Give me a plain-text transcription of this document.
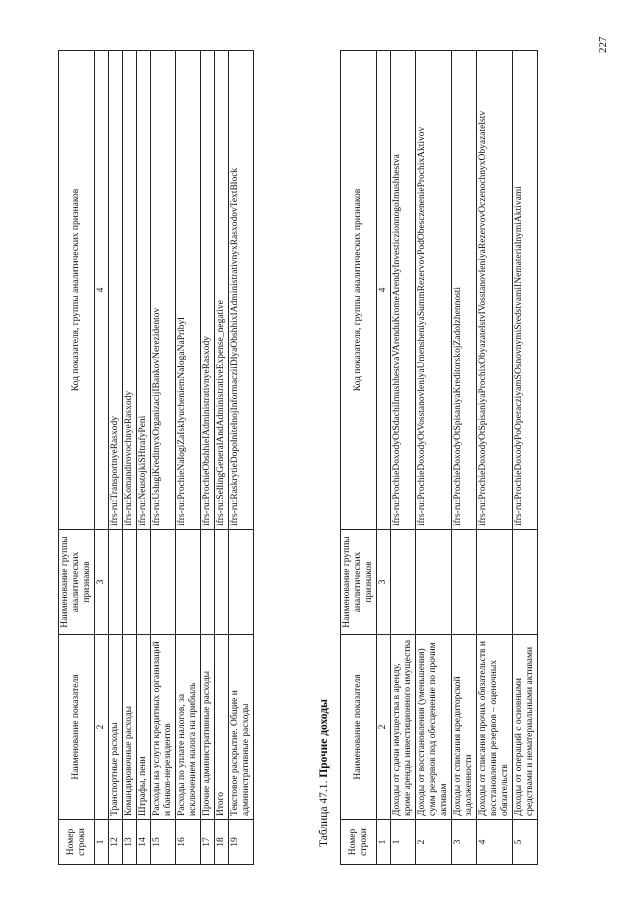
Номер строки	Наименование показателя	Наименование группы аналитических признаков	Код показателя, группы аналитических признаков
1	2	3	4
12	Транспортные расходы		ifrs-ru:TransportnyeRasxody
13	Командировочные расходы		ifrs-ru:KomandirovochnyeRasxody
14	Штрафы, пени		ifrs-ru:NeustojkiSHtrafyPeni
15	Расходы на услуги кредитных организаций и банков-нерезидентов		ifrs-ru:UslugiKreditnyxOrganizacijIBankovNerezidentov
16	Расходы по уплате налогов, за исключением налога на прибыль		ifrs-ru:ProchieNalogiZaIsklyucheniemNalogaNaPribyl
17	Прочие административные расходы		ifrs-ru:ProchieObshhieIAdministrativnyeRasxody
18	Итого		ifrs-ru:SellingGeneralAndAdministrativeExpense_negative
19	Текстовое раскрытие. Общие и административные расходы		ifrs-ru:RaskrytieDopolnitelnojInformacziiDlyaObshhixIAdministrativnyxRasxodovTextBlock
Таблица 47.1. Прочие доходы
Номер строки	Наименование показателя	Наименование группы аналитических признаков	Код показателя, группы аналитических признаков
1	2	3	4
1	Доходы от сдачи имущества в аренду, кроме аренды инвестиционного имущества		ifrs-ru:ProchieDoxodyOtSdachiImushhestvaVArenduKromeArendyInvesticzionnogoImushhestva
2	Доходы от восстановления (уменьшения) сумм резервов под обесценение по прочим активам		ifrs-ru:ProchieDoxodyOtVosstanovleniyaUmensheniyaSummRezervovPodObesczenenieProchixAktivov
3	Доходы от списания кредиторской задолженности		ifrs-ru:ProchieDoxodyOtSpisaniyaKreditorskojZadolzhennosti
4	Доходы от списания прочих обязательств и восстановления резервов – оценочных обязательств		ifrs-ru:ProchieDoxodyOtSpisaniyaProchixObyazatelstvIVosstanovleniyaRezervovOczenochnyxObyazatelstv
5	Доходы от операций с основными средствами и нематериальными активами		ifrs-ru:ProchieDoxodyPoOperacziyamSOsnovnymiSredstvamiINematerialnymiAktivami
227
